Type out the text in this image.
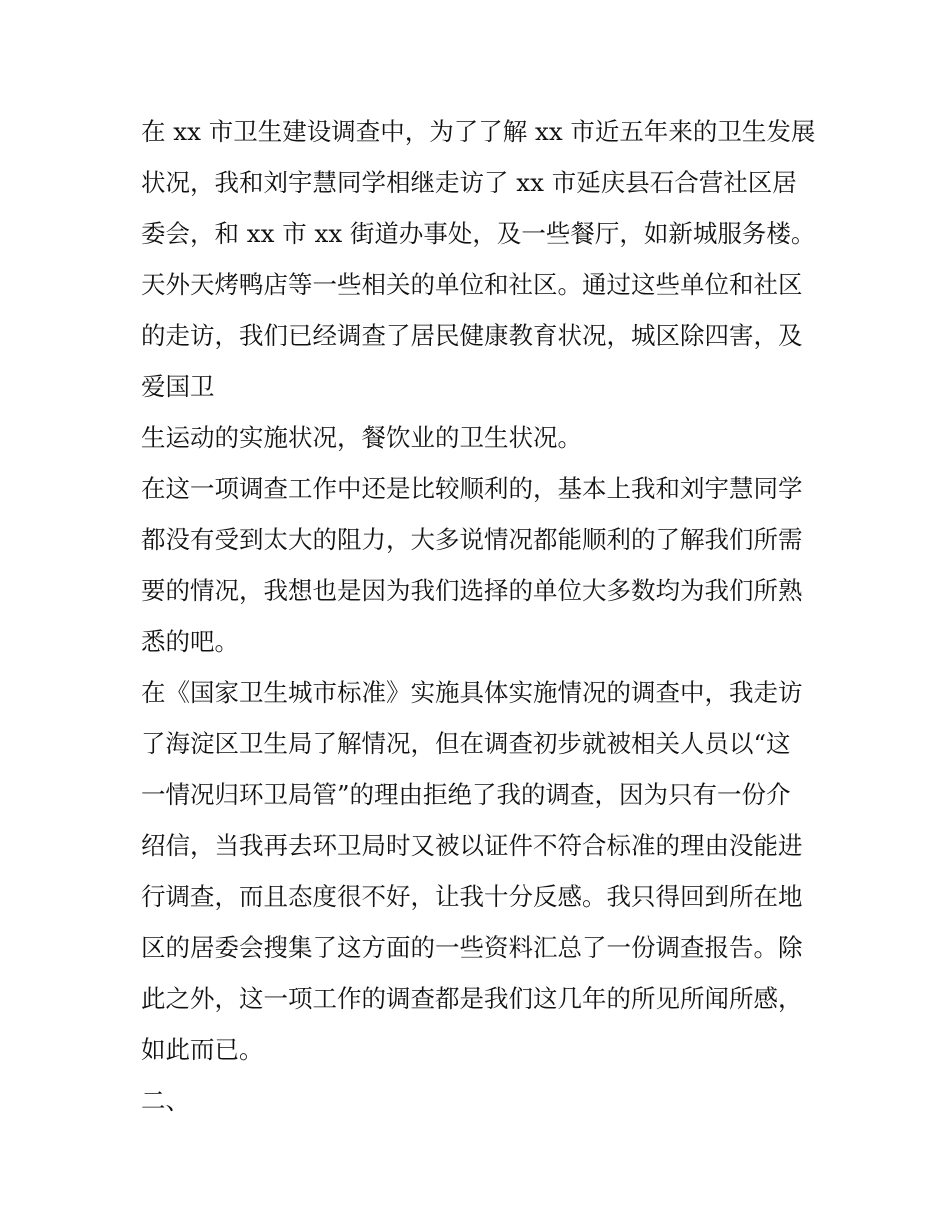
在 xx 市卫生建设调查中，为了了解 xx 市近五年来的卫生发展
状况，我和刘宇慧同学相继走访了 xx 市延庆县石合营社区居
委会，和 xx 市 xx 街道办事处，及一些餐厅，如新城服务楼。
天外天烤鸭店等一些相关的单位和社区。通过这些单位和社区
的走访，我们已经调查了居民健康教育状况，城区除四害，及
爱国卫
生运动的实施状况，餐饮业的卫生状况。
在这一项调查工作中还是比较顺利的，基本上我和刘宇慧同学
都没有受到太大的阻力，大多说情况都能顺利的了解我们所需
要的情况，我想也是因为我们选择的单位大多数均为我们所熟
悉的吧。
在《国家卫生城市标准》实施具体实施情况的调查中，我走访
了海淀区卫生局了解情况，但在调查初步就被相关人员以“这
一情况归环卫局管”的理由拒绝了我的调查，因为只有一份介
绍信，当我再去环卫局时又被以证件不符合标准的理由没能进
行调查，而且态度很不好，让我十分反感。我只得回到所在地
区的居委会搜集了这方面的一些资料汇总了一份调查报告。除
此之外，这一项工作的调查都是我们这几年的所见所闻所感，
如此而已。
二、
